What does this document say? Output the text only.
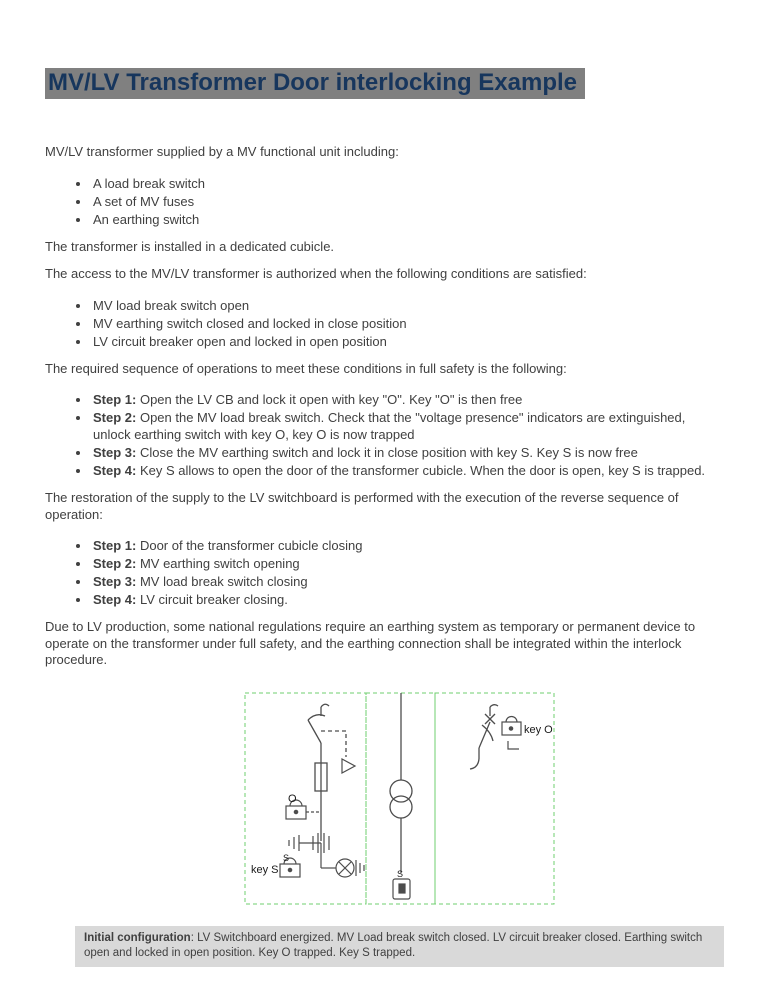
MV/LV Transformer Door interlocking Example

MV/LV transformer supplied by a MV functional unit including:

• A load break switch
• A set of MV fuses
• An earthing switch

The transformer is installed in a dedicated cubicle.

The access to the MV/LV transformer is authorized when the following conditions are satisfied:

• MV load break switch open
• MV earthing switch closed and locked in close position
• LV circuit breaker open and locked in open position

The required sequence of operations to meet these conditions in full safety is the following:

• Step 1: Open the LV CB and lock it open with key "O". Key "O" is then free
• Step 2: Open the MV load break switch. Check that the "voltage presence" indicators are extinguished, unlock earthing switch with key O, key O is now trapped
• Step 3: Close the MV earthing switch and lock it in close position with key S. Key S is now free
• Step 4: Key S allows to open the door of the transformer cubicle. When the door is open, key S is trapped.

The restoration of the supply to the LV switchboard is performed with the execution of the reverse sequence of operation:

• Step 1: Door of the transformer cubicle closing
• Step 2: MV earthing switch opening
• Step 3: MV load break switch closing
• Step 4: LV circuit breaker closing.

Due to LV production, some national regulations require an earthing system as temporary or permanent device to operate on the transformer under full safety, and the earthing connection shall be integrated within the interlock procedure.

O
S
key S	S
key O

Initial configuration: LV Switchboard energized. MV Load break switch closed. LV circuit breaker closed. Earthing switch open and locked in open position. Key O trapped. Key S trapped.
